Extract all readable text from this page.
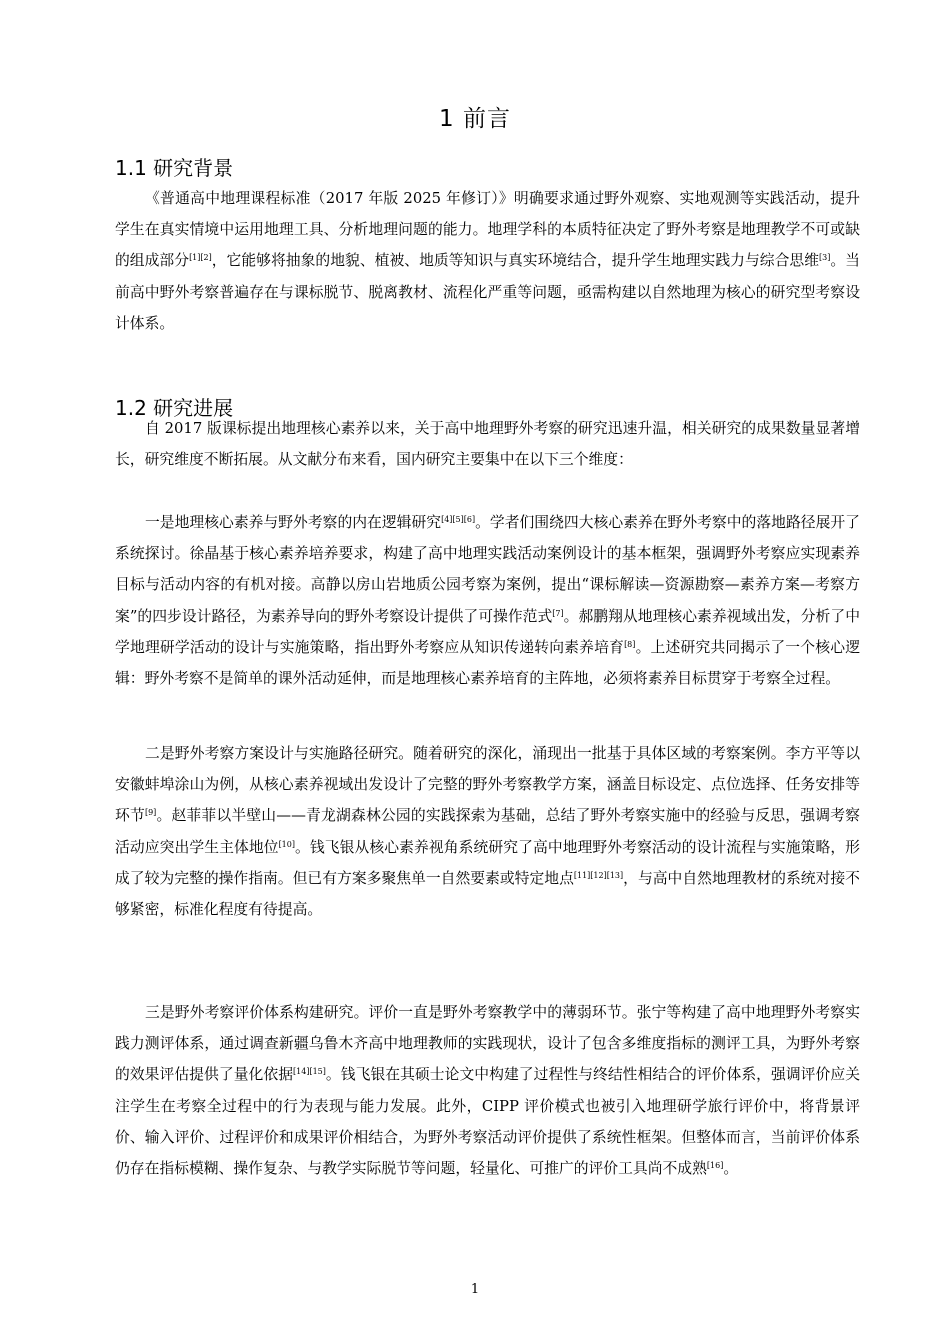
1 前言
1.1 研究背景

《普通高中地理课程标准（2017 年版 2025 年修订）》明确要求通过野外观察、实地观测等实践活动，提升学生在真实情境中运用地理工具、分析地理问题的能力。地理学科的本质特征决定了野外考察是地理教学不可或缺的组成部分[1][2]，它能够将抽象的地貌、植被、地质等知识与真实环境结合，提升学生地理实践力与综合思维[3]。当前高中野外考察普遍存在与课标脱节、脱离教材、流程化严重等问题，亟需构建以自然地理为核心的研究型考察设计体系。

1.2 研究进展

自 2017 版课标提出地理核心素养以来，关于高中地理野外考察的研究迅速升温，相关研究的成果数量显著增长，研究维度不断拓展。从文献分布来看，国内研究主要集中在以下三个维度：

一是地理核心素养与野外考察的内在逻辑研究[4][5][6]。学者们围绕四大核心素养在野外考察中的落地路径展开了系统探讨。徐晶基于核心素养培养要求，构建了高中地理实践活动案例设计的基本框架，强调野外考察应实现素养目标与活动内容的有机对接。高静以房山岩地质公园考察为案例，提出“课标解读—资源勘察—素养方案—考察方案”的四步设计路径，为素养导向的野外考察设计提供了可操作范式[7]。郝鹏翔从地理核心素养视域出发，分析了中学地理研学活动的设计与实施策略，指出野外考察应从知识传递转向素养培育[8]。上述研究共同揭示了一个核心逻辑：野外考察不是简单的课外活动延伸，而是地理核心素养培育的主阵地，必须将素养目标贯穿于考察全过程。

二是野外考察方案设计与实施路径研究。随着研究的深化，涌现出一批基于具体区域的考察案例。李方平等以安徽蚌埠涂山为例，从核心素养视域出发设计了完整的野外考察教学方案，涵盖目标设定、点位选择、任务安排等环节[9]。赵菲菲以半壁山——青龙湖森林公园的实践探索为基础，总结了野外考察实施中的经验与反思，强调考察活动应突出学生主体地位[10]。钱飞银从核心素养视角系统研究了高中地理野外考察活动的设计流程与实施策略，形成了较为完整的操作指南。但已有方案多聚焦单一自然要素或特定地点[11][12][13]，与高中自然地理教材的系统对接不够紧密，标准化程度有待提高。

三是野外考察评价体系构建研究。评价一直是野外考察教学中的薄弱环节。张宁等构建了高中地理野外考察实践力测评体系，通过调查新疆乌鲁木齐高中地理教师的实践现状，设计了包含多维度指标的测评工具，为野外考察的效果评估提供了量化依据[14][15]。钱飞银在其硕士论文中构建了过程性与终结性相结合的评价体系，强调评价应关注学生在考察全过程中的行为表现与能力发展。此外，CIPP 评价模式也被引入地理研学旅行评价中，将背景评价、输入评价、过程评价和成果评价相结合，为野外考察活动评价提供了系统性框架。但整体而言，当前评价体系仍存在指标模糊、操作复杂、与教学实际脱节等问题，轻量化、可推广的评价工具尚不成熟[16]。

1
